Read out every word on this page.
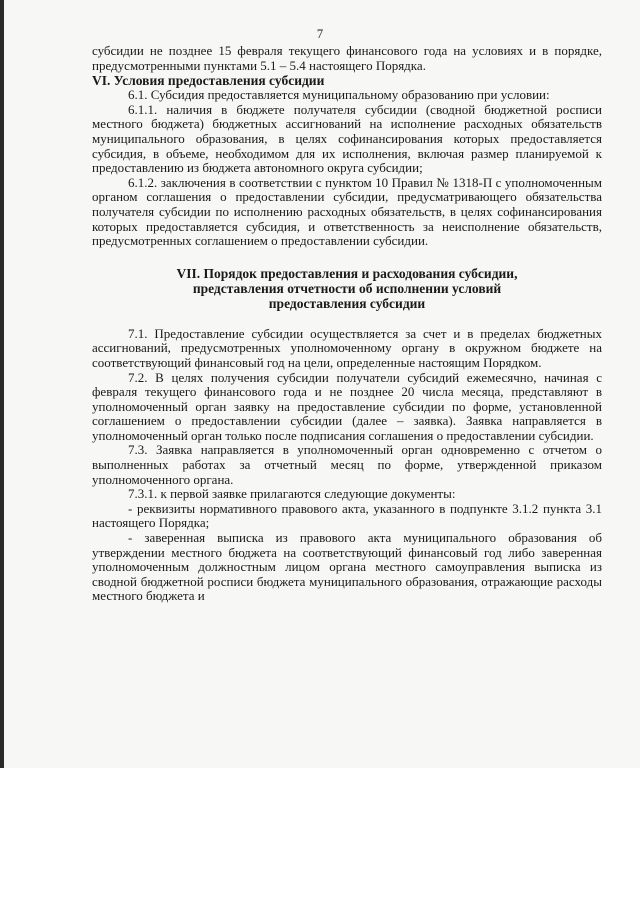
7

субсидии не позднее 15 февраля текущего финансового года на условиях и в порядке, предусмотренными пунктами 5.1 – 5.4 настоящего Порядка.

VI. Условия предоставления субсидии

6.1. Субсидия предоставляется муниципальному образованию при условии:

6.1.1. наличия в бюджете получателя субсидии (сводной бюджетной росписи местного бюджета) бюджетных ассигнований на исполнение расходных обязательств муниципального образования, в целях софинансирования которых предоставляется субсидия, в объеме, необходимом для их исполнения, включая размер планируемой к предоставлению из бюджета автономного округа субсидии;

6.1.2. заключения в соответствии с пунктом 10 Правил № 1318-П с уполномоченным органом соглашения о предоставлении субсидии, предусматривающего обязательства получателя субсидии по исполнению расходных обязательств, в целях софинансирования которых предоставляется субсидия, и ответственность за неисполнение обязательств, предусмотренных соглашением о предоставлении субсидии.

VII. Порядок предоставления и расходования субсидии,
представления отчетности об исполнении условий
предоставления субсидии

7.1. Предоставление субсидии осуществляется за счет и в пределах бюджетных ассигнований, предусмотренных уполномоченному органу в окружном бюджете на соответствующий финансовый год на цели, определенные настоящим Порядком.

7.2. В целях получения субсидии получатели субсидий ежемесячно, начиная с февраля текущего финансового года и не позднее 20 числа месяца, представляют в уполномоченный орган заявку на предоставление субсидии по форме, установленной соглашением о предоставлении субсидии (далее – заявка). Заявка направляется в уполномоченный орган только после подписания соглашения о предоставлении субсидии.

7.3. Заявка направляется в уполномоченный орган одновременно с отчетом о выполненных работах за отчетный месяц по форме, утвержденной приказом уполномоченного органа.

7.3.1. к первой заявке прилагаются следующие документы:

- реквизиты нормативного правового акта, указанного в подпункте 3.1.2 пункта 3.1 настоящего Порядка;

- заверенная выписка из правового акта муниципального образования об утверждении местного бюджета на соответствующий финансовый год либо заверенная уполномоченным должностным лицом органа местного самоуправления выписка из сводной бюджетной росписи бюджета муниципального образования, отражающие расходы местного бюджета и
